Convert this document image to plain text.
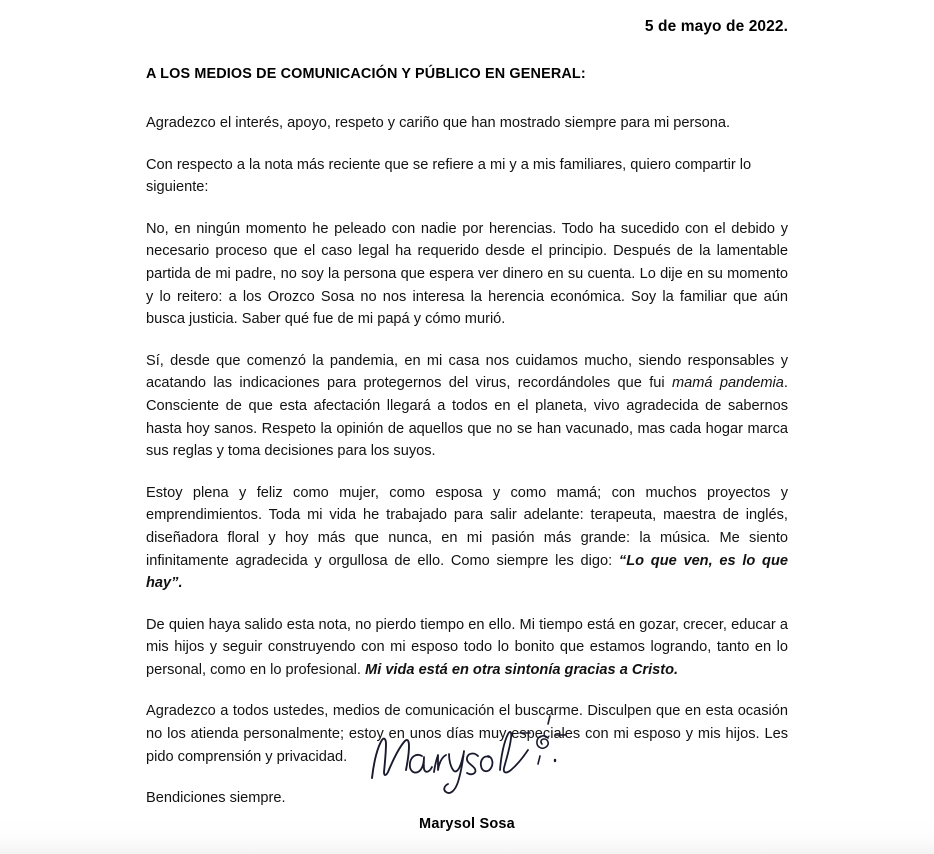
5 de mayo de 2022.
A LOS MEDIOS DE COMUNICACIÓN Y PÚBLICO EN GENERAL:

Agradezco el interés, apoyo, respeto y cariño que han mostrado siempre para mi persona.

Con respecto a la nota más reciente que se refiere a mi y a mis familiares, quiero compartir lo siguiente:

No, en ningún momento he peleado con nadie por herencias. Todo ha sucedido con el debido y necesario proceso que el caso legal ha requerido desde el principio. Después de la lamentable partida de mi padre, no soy la persona que espera ver dinero en su cuenta. Lo dije en su momento y lo reitero: a los Orozco Sosa no nos interesa la herencia económica. Soy la familiar que aún busca justicia. Saber qué fue de mi papá y cómo murió.

Sí, desde que comenzó la pandemia, en mi casa nos cuidamos mucho, siendo responsables y acatando las indicaciones para protegernos del virus, recordándoles que fui mamá pandemia. Consciente de que esta afectación llegará a todos en el planeta, vivo agradecida de sabernos hasta hoy sanos. Respeto la opinión de aquellos que no se han vacunado, mas cada hogar marca sus reglas y toma decisiones para los suyos.

Estoy plena y feliz como mujer, como esposa y como mamá; con muchos proyectos y emprendimientos. Toda mi vida he trabajado para salir adelante: terapeuta, maestra de inglés, diseñadora floral y hoy más que nunca, en mi pasión más grande: la música. Me siento infinitamente agradecida y orgullosa de ello. Como siempre les digo: “Lo que ven, es lo que hay”.

De quien haya salido esta nota, no pierdo tiempo en ello. Mi tiempo está en gozar, crecer, educar a mis hijos y seguir construyendo con mi esposo todo lo bonito que estamos logrando, tanto en lo personal, como en lo profesional. Mi vida está en otra sintonía gracias a Cristo.

Agradezco a todos ustedes, medios de comunicación el buscarme. Disculpen que en esta ocasión no los atienda personalmente; estoy en unos días muy especiales con mi esposo y mis hijos. Les pido comprensión y privacidad.

Bendiciones siempre.

Marysol Sosa
